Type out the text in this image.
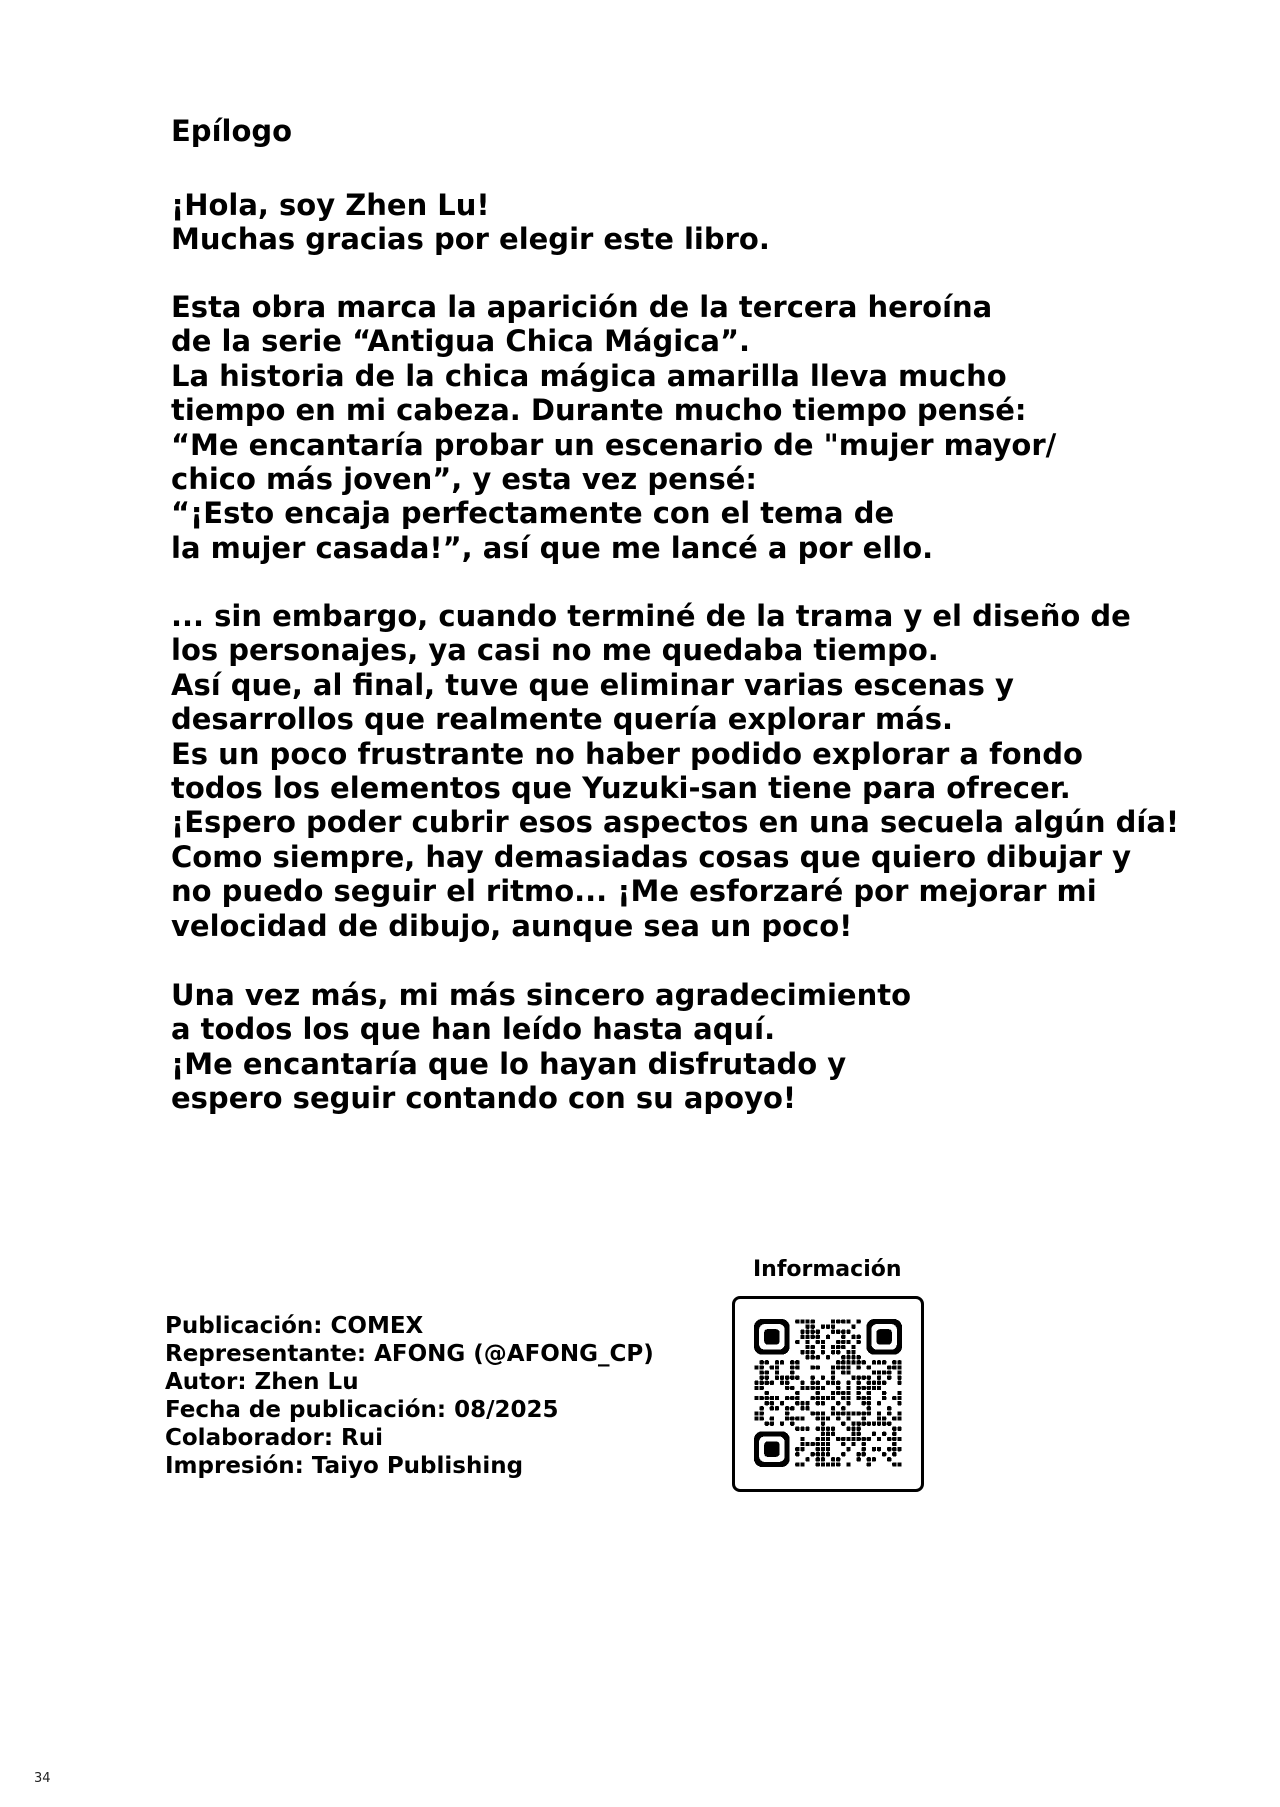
Epílogo

¡Hola, soy Zhen Lu!
Muchas gracias por elegir este libro.

Esta obra marca la aparición de la tercera heroína
de la serie “Antigua Chica Mágica”.
La historia de la chica mágica amarilla lleva mucho
tiempo en mi cabeza. Durante mucho tiempo pensé:
“Me encantaría probar un escenario de "mujer mayor/
chico más joven”, y esta vez pensé:
“¡Esto encaja perfectamente con el tema de
la mujer casada!”, así que me lancé a por ello.

... sin embargo, cuando terminé de la trama y el diseño de
los personajes, ya casi no me quedaba tiempo.
Así que, al final, tuve que eliminar varias escenas y
desarrollos que realmente quería explorar más.
Es un poco frustrante no haber podido explorar a fondo
todos los elementos que Yuzuki-san tiene para ofrecer.
¡Espero poder cubrir esos aspectos en una secuela algún día!
Como siempre, hay demasiadas cosas que quiero dibujar y
no puedo seguir el ritmo... ¡Me esforzaré por mejorar mi
velocidad de dibujo, aunque sea un poco!

Una vez más, mi más sincero agradecimiento
a todos los que han leído hasta aquí.
¡Me encantaría que lo hayan disfrutado y
espero seguir contando con su apoyo!

Información
Publicación: COMEX
Representante: AFONG (@AFONG_CP)
Autor: Zhen Lu
Fecha de publicación: 08/2025
Colaborador: Rui
Impresión: Taiyo Publishing
34
